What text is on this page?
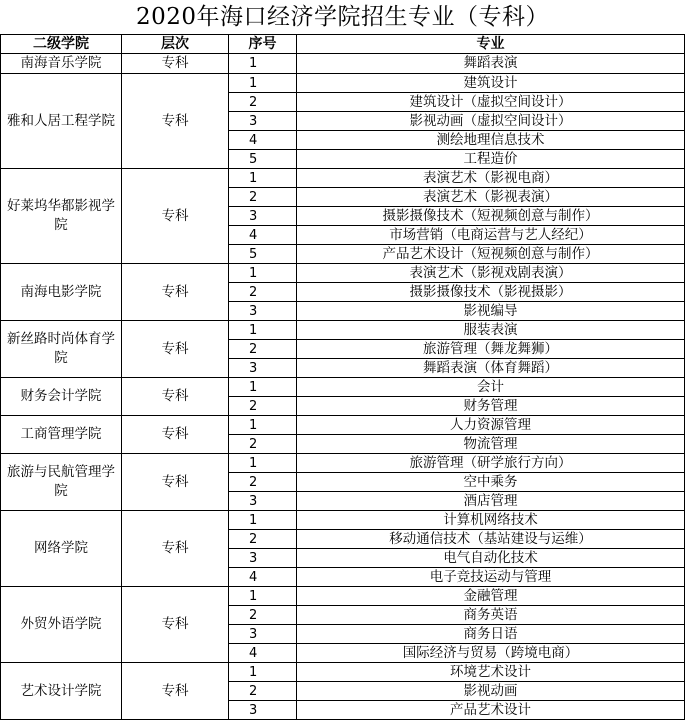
2020年海口经济学院招生专业（专科）
二级学院	层次	序号	专业
南海音乐学院	专科	1	舞蹈表演
雅和人居工程学院	专科	1	建筑设计
		2	建筑设计（虚拟空间设计）
		3	影视动画（虚拟空间设计）
		4	测绘地理信息技术
		5	工程造价
好莱坞华都影视学院	专科	1	表演艺术（影视电商）
		2	表演艺术（影视表演）
		3	摄影摄像技术（短视频创意与制作）
		4	市场营销（电商运营与艺人经纪）
		5	产品艺术设计（短视频创意与制作）
南海电影学院	专科	1	表演艺术（影视戏剧表演）
		2	摄影摄像技术（影视摄影）
		3	影视编导
新丝路时尚体育学院	专科	1	服装表演
		2	旅游管理（舞龙舞狮）
		3	舞蹈表演（体育舞蹈）
财务会计学院	专科	1	会计
		2	财务管理
工商管理学院	专科	1	人力资源管理
		2	物流管理
旅游与民航管理学院	专科	1	旅游管理（研学旅行方向）
		2	空中乘务
		3	酒店管理
网络学院	专科	1	计算机网络技术
		2	移动通信技术（基站建设与运维）
		3	电气自动化技术
		4	电子竞技运动与管理
外贸外语学院	专科	1	金融管理
		2	商务英语
		3	商务日语
		4	国际经济与贸易（跨境电商）
艺术设计学院	专科	1	环境艺术设计
		2	影视动画
		3	产品艺术设计
